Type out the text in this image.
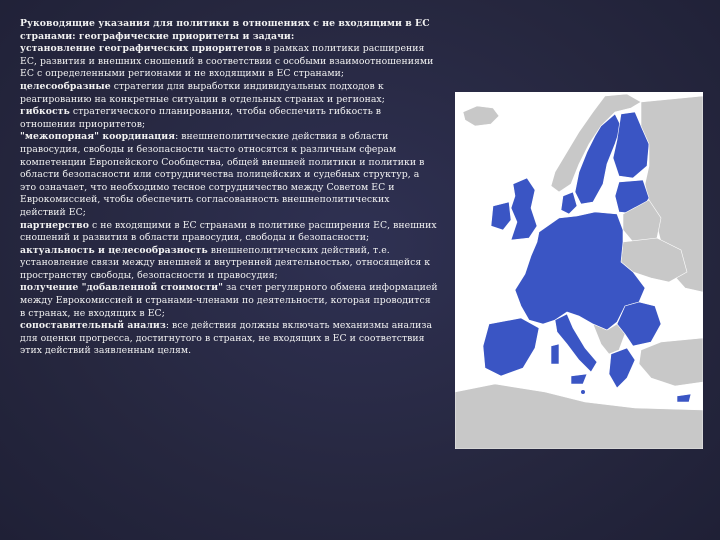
Руководящие указания для политики в отношениях с не входящими в ЕС странами: географические приоритеты и задачи:

установление географических приоритетов в рамках политики расширения ЕС, развития и внешних сношений в соответствии с особыми взаимоотношениями ЕС с определенными регионами и не входящими в ЕС странами;

целесообразные стратегии для выработки индивидуальных подходов к реагированию на конкретные ситуации в отдельных странах и регионах;

гибкость стратегического планирования, чтобы обеспечить гибкость в отношении приоритетов;

"межопорная" координация: внешнеполитические действия в области правосудия, свободы и безопасности часто относятся к различным сферам компетенции Европейского Сообщества, общей внешней политики и политики в области безопасности или сотрудничества полицейских и судебных структур, а это означает, что необходимо тесное сотрудничество между Советом ЕС и Еврокомиссией, чтобы обеспечить согласованность внешнеполитических действий ЕС;

партнерство с не входящими в ЕС странами в политике расширения ЕС, внешних сношений и развития в области правосудия, свободы и безопасности;

актуальность и целесообразность внешнеполитических действий, т.е. установление связи между внешней и внутренней деятельностью, относящейся к пространству свободы, безопасности и правосудия;

получение "добавленной стоимости" за счет регулярного обмена информацией между Еврокомиссией и странами-членами по деятельности, которая проводится в странах, не входящих в ЕС;

сопоставительный анализ: все действия должны включать механизмы анализа для оценки прогресса, достигнутого в странах, не входящих в ЕС и соответствия этих действий заявленным целям.
